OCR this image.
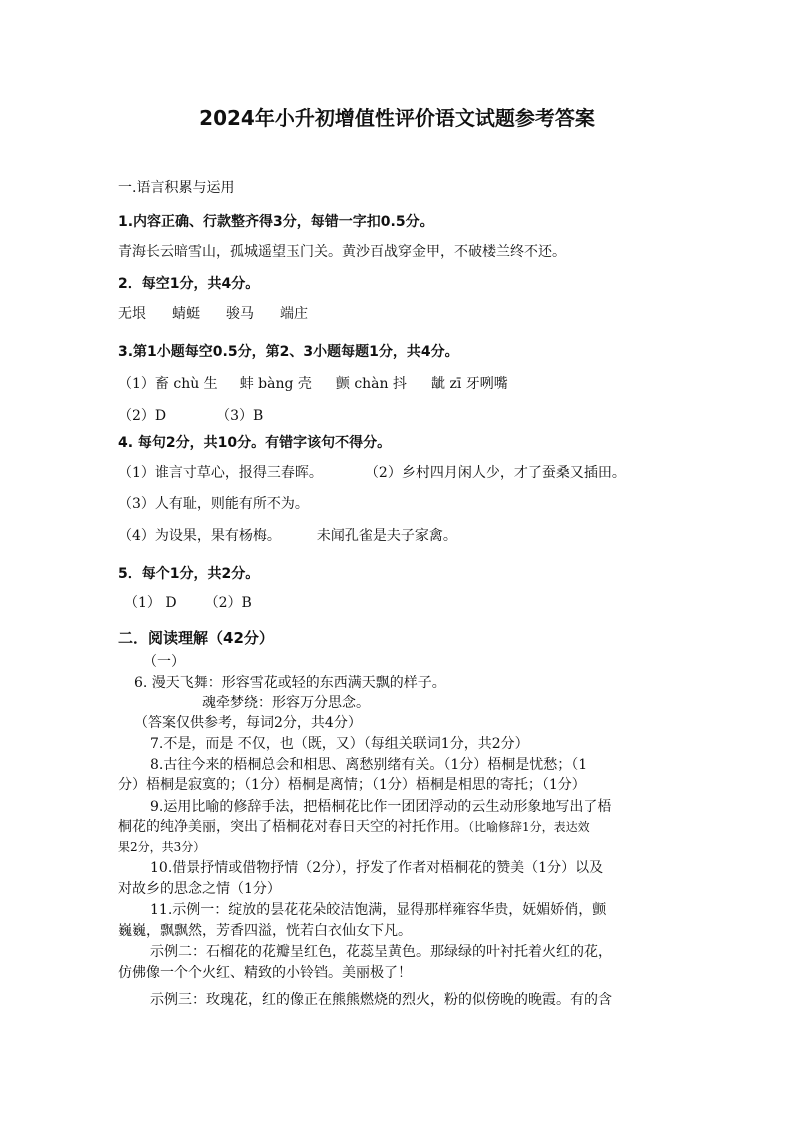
2024年小升初增值性评价语文试题参考答案
一.语言积累与运用
1.内容正确、行款整齐得3分，每错一字扣0.5分。
青海长云暗雪山，孤城遥望玉门关。黄沙百战穿金甲，不破楼兰终不还。
2．每空1分，共4分。
无垠 蜻蜓 骏马 端庄
3.第1小题每空0.5分，第2、3小题每题1分，共4分。
（1）畜 chù 生 蚌 bàng 壳 颤 chàn 抖 龇 zī 牙咧嘴
（2）D	（3）B
4. 每句2分，共10分。有错字该句不得分。
（1）谁言寸草心，报得三春晖。	（2）乡村四月闲人少，才了蚕桑又插田。
（3）人有耻，则能有所不为。
（4）为设果，果有杨梅。	未闻孔雀是夫子家禽。
5．每个1分，共2分。
（1） D （2）B
二．阅读理解（42分）
（一）
6. 漫天飞舞：形容雪花或轻的东西满天飘的样子。
魂牵梦绕：形容万分思念。
（答案仅供参考，每词2分，共4分）
7.不是，而是 不仅，也（既，又）（每组关联词1分，共2分）
8.古往今来的梧桐总会和相思、离愁别绪有关。（1分）梧桐是忧愁；（1
分）梧桐是寂寞的；（1分）梧桐是离情；（1分）梧桐是相思的寄托；（1分）
9.运用比喻的修辞手法，把梧桐花比作一团团浮动的云生动形象地写出了梧
桐花的纯净美丽，突出了梧桐花对春日天空的衬托作用。（比喻修辞1分，表达效
果2分，共3分）
10.借景抒情或借物抒情（2分），抒发了作者对梧桐花的赞美（1分）以及
对故乡的思念之情（1分）
11.示例一：绽放的昙花花朵皎洁饱满，显得那样雍容华贵，妩媚娇俏，颤
巍巍，飘飘然，芳香四溢，恍若白衣仙女下凡。
示例二：石榴花的花瓣呈红色，花蕊呈黄色。那绿绿的叶衬托着火红的花，
仿佛像一个个火红、精致的小铃铛。美丽极了！
示例三：玫瑰花，红的像正在熊熊燃烧的烈火，粉的似傍晚的晚霞。有的含
